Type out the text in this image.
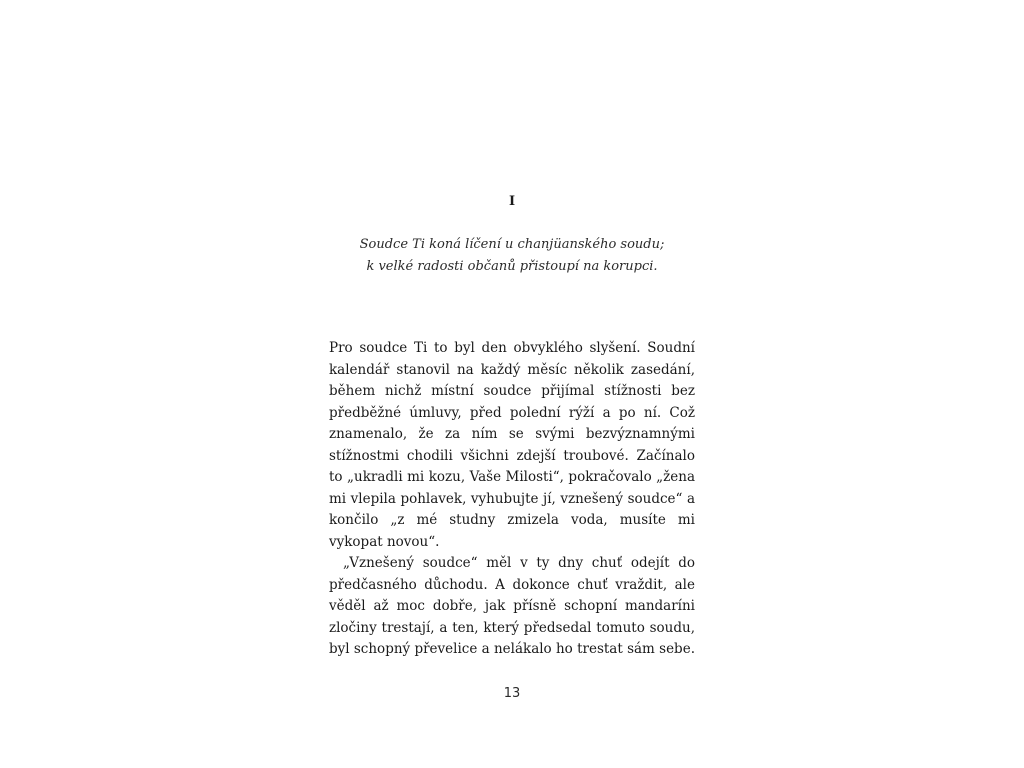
I
Soudce Ti koná líčení u chanjüanského soudu;
k velké radosti občanů přistoupí na korupci.

Pro soudce Ti to byl den obvyklého slyšení. Soudní kalendář stanovil na každý měsíc několik zasedání, během nichž místní soudce přijímal stížnosti bez předběžné úmluvy, před polední rýží a po ní. Což znamenalo, že za ním se svými bezvýznamnými stížnostmi chodili všichni zdejší troubové. Začínalo to „ukradli mi kozu, Vaše Milosti“, pokračovalo „žena mi vlepila pohlavek, vyhubujte jí, vznešený soudce“ a končilo „z mé studny zmizela voda, musíte mi vykopat novou“.

„Vznešený soudce“ měl v ty dny chuť odejít do předčasného důchodu. A dokonce chuť vraždit, ale věděl až moc dobře, jak přísně schopní mandaríni zločiny trestají, a ten, který předsedal tomuto soudu, byl schopný převelice a nelákalo ho trestat sám sebe.

13
